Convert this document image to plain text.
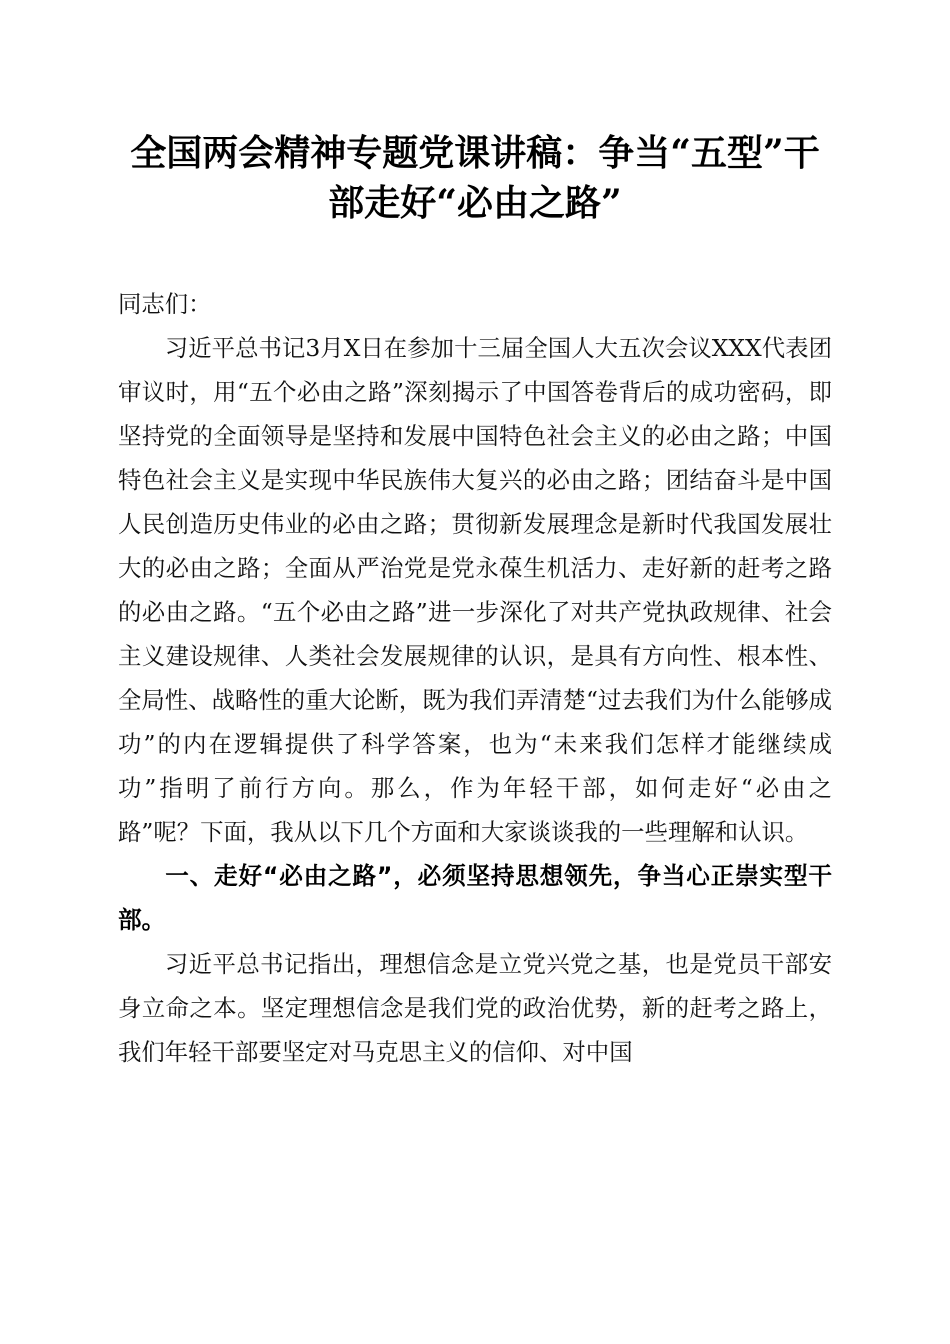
全国两会精神专题党课讲稿：争当“五型”干部走好“必由之路”

同志们：

习近平总书记3月X日在参加十三届全国人大五次会议XXX代表团审议时，用“五个必由之路”深刻揭示了中国答卷背后的成功密码，即坚持党的全面领导是坚持和发展中国特色社会主义的必由之路；中国特色社会主义是实现中华民族伟大复兴的必由之路；团结奋斗是中国人民创造历史伟业的必由之路；贯彻新发展理念是新时代我国发展壮大的必由之路；全面从严治党是党永葆生机活力、走好新的赶考之路的必由之路。“五个必由之路”进一步深化了对共产党执政规律、社会主义建设规律、人类社会发展规律的认识，是具有方向性、根本性、全局性、战略性的重大论断，既为我们弄清楚“过去我们为什么能够成功”的内在逻辑提供了科学答案，也为“未来我们怎样才能继续成功”指明了前行方向。那么，作为年轻干部，如何走好“必由之路”呢？下面，我从以下几个方面和大家谈谈我的一些理解和认识。

一、走好“必由之路”，必须坚持思想领先，争当心正崇实型干部。

习近平总书记指出，理想信念是立党兴党之基，也是党员干部安身立命之本。坚定理想信念是我们党的政治优势，新的赶考之路上，我们年轻干部要坚定对马克思主义的信仰、对中国
